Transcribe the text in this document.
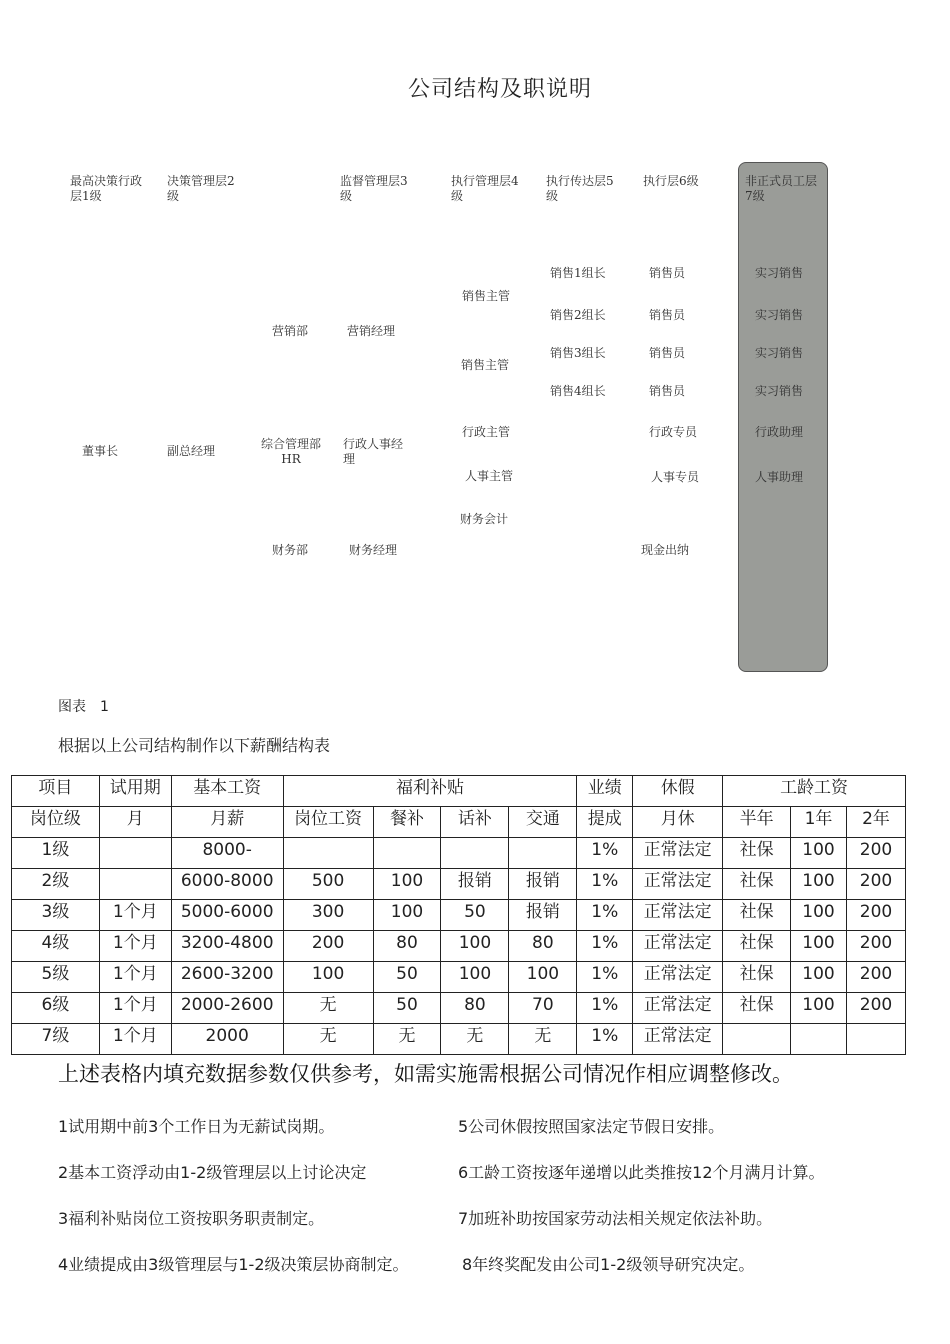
公司结构及职说明
最高决策行政层1级
决策管理层2级
监督管理层3级
执行管理层4级
执行传达层5级
执行层6级	非正式员工层7级
董事长	副总经理
营销部
综合管理部HR
财务部
营销经理
行政人事经理
财务经理
销售主管
销售主管
行政主管
人事主管
财务会计
销售1组长
销售2组长
销售3组长
销售4组长
销售员
销售员
销售员
销售员
行政专员
人事专员
现金出纳
实习销售
实习销售
实习销售
实习销售
行政助理
人事助理
图表　1
根据以上公司结构制作以下薪酬结构表
项目	试用期	基本工资	福利补贴				业绩	休假	工龄工资		
岗位级	月	月薪	岗位工资	餐补	话补	交通	提成	月休	半年	1年	2年
1级		8000-					1%	正常法定	社保	100	200
2级		6000-8000	500	100	报销	报销	1%	正常法定	社保	100	200
3级	1个月	5000-6000	300	100	50	报销	1%	正常法定	社保	100	200
4级	1个月	3200-4800	200	80	100	80	1%	正常法定	社保	100	200
5级	1个月	2600-3200	100	50	100	100	1%	正常法定	社保	100	200
6级	1个月	2000-2600	无	50	80	70	1%	正常法定	社保	100	200
7级	1个月	2000	无	无	无	无	1%	正常法定			
上述表格内填充数据参数仅供参考，如需实施需根据公司情况作相应调整修改。
1试用期中前3个工作日为无薪试岗期。
2基本工资浮动由1-2级管理层以上讨论决定
3福利补贴岗位工资按职务职责制定。
4业绩提成由3级管理层与1-2级决策层协商制定。
5公司休假按照国家法定节假日安排。
6工龄工资按逐年递增以此类推按12个月满月计算。
7加班补助按国家劳动法相关规定依法补助。
8年终奖配发由公司1-2级领导研究决定。
